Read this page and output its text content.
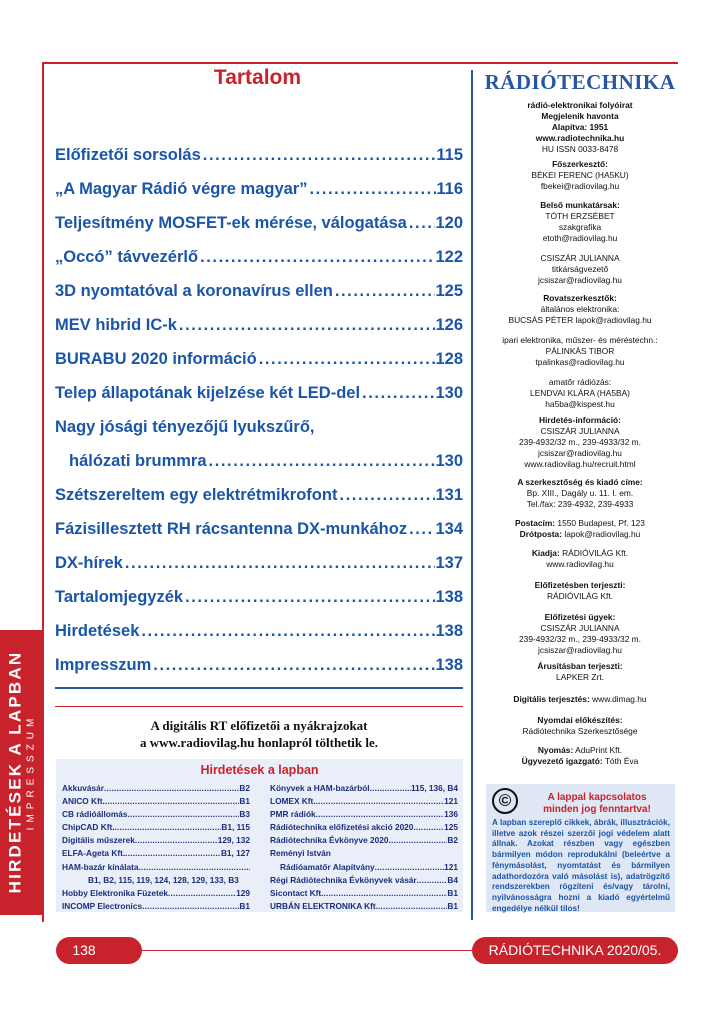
HIRDETÉSEK A LAPBAN IMPRESSZUM
Tartalom
Előfizetői sorsolás . . .	115
„A Magyar Rádió végre magyar” . . .	116
Teljesítmény MOSFET-ek mérése, válogatása . . . 120
„Occó” távvezérlő . . .	122
3D nyomtatóval a koronavírus ellen . . .	125
MEV hibrid IC-k . . .	126
BURABU 2020 információ . . .	128
Telep állapotának kijelzése két LED-del . . .	130
Nagy jósági tényezőjű lyukszűrő,
hálózati brummra . . .	130
Szétszereltem egy elektrétmikrofont . . .	131
Fázisillesztett RH rácsantenna DX-munkához . . . 134
DX-hírek . . .	137
Tartalomjegyzék . . .	138
Hirdetések . . .	138
Impresszum . . .	138
A digitális RT előfizetői a nyákrajzokat
a www.radiovilag.hu honlapról tölthetik le.
Hirdetések a lapban
Akkuvásár .....	B2
ANICO Kft. .....	B1
CB rádióállomás .....	B3
ChipCAD Kft. .....	B1, 115
Digitális műszerek .....	129, 132
ELFA-Ageta Kft. .....	B1, 127
HAM-bazár kínálata
.....
B1, B2, 115, 119, 124, 128, 129, 133, B3
Hobby Elektronika Füzetek .....	129
INCOMP Electronics .....	B1
Könyvek a HAM-bazárból .....	115, 136, B4
LOMEX Kft. .....	121
PMR rádiók .....	136
Rádiótechnika előfizetési akció 2020 .....	125
Rádiótechnika Évkönyve 2020 .....	B2
Reményi István
Rádióamatőr Alapítvány .....	121
Régi Rádiótechnika Évkönyvek vásár .....	B4
Sicontact Kft. .....	B1
URBÁN ELEKTRONIKA Kft. .....	B1
RÁDIÓTECHNIKA
rádió-elektronikai folyóirat
Megjelenik havonta
Alapítva: 1951
www.radiotechnika.hu
HU ISSN 0033-8478
Főszerkesztő:
BÉKEI FERENC (HA5KU)
fbekei@radiovilag.hu
Belső munkatársak:
TÓTH ERZSÉBET
szakgrafika
etoth@radiovilag.hu
CSISZÁR JULIANNA
titkárságvezető
jcsiszar@radiovilag.hu
Rovatszerkesztők:
általános elektronika:
BUCSÁS PÉTER lapok@radiovilag.hu
ipari elektronika, műszer- és méréstechn.:
PÁLINKÁS TIBOR
tpalinkas@radiovilag.hu
amatőr rádiózás:
LENDVAI KLÁRA (HA5BA)
ha5ba@kispest.hu
Hirdetés-információ:
CSISZÁR JULIANNA
239-4932/32 m., 239-4933/32 m.
jcsiszar@radiovilag.hu
www.radiovilag.hu/recruit.html
A szerkesztőség és kiadó címe:
Bp. XIII., Dagály u. 11. I. em.
Tel./fax: 239-4932, 239-4933
Postacím: 1550 Budapest, Pf. 123
Drótposta: lapok@radiovilag.hu
Kiadja: RÁDIÓVILÁG Kft.
www.radiovilag.hu
Előfizetésben terjeszti:
RÁDIÓVILÁG Kft.
Előfizetési ügyek:
CSISZÁR JULIANNA
239-4932/32 m., 239-4933/32 m.
jcsiszar@radiovilag.hu
Árusításban terjeszti:
LAPKER Zrt.
Digitális terjesztés: www.dimag.hu
Nyomdai előkészítés:
Rádiótechnika Szerkesztősége
Nyomás: AduPrint Kft.
Ügyvezető igazgató: Tóth Éva
©	A lappal kapcsolatos
minden jog fenntartva!
A lapban szereplő cikkek, ábrák, illusztrációk, illetve azok részei szerzői jogi védelem alatt állnak. Azokat részben vagy egészben bármilyen módon reprodukálni (beleértve a fénymásolást, nyomtatást és bármilyen adathordozóra való másolást is), adatrögzítő rendszerekben rögzíteni és/vagy tárolni, nyilvánosságra hozni a kiadó egyértelmű engedélye nélkül tilos!
138	RÁDIÓTECHNIKA 2020/05.
